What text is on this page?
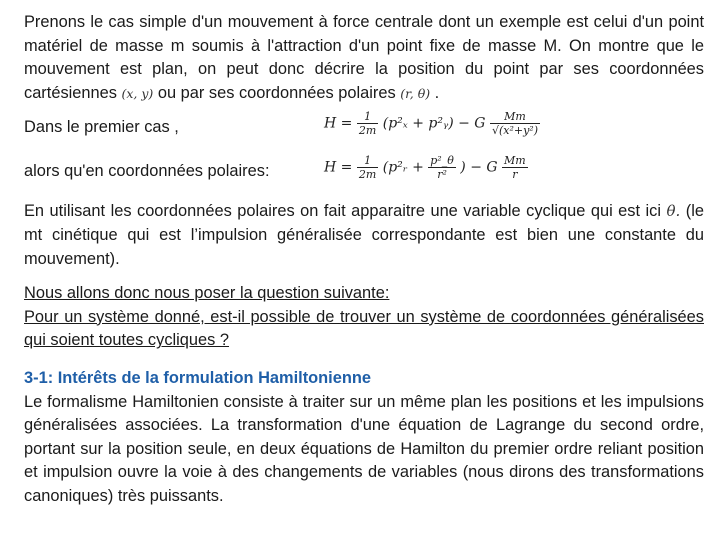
Prenons le cas simple d'un mouvement à force centrale dont un exemple est celui d'un point matériel de masse m soumis à l'attraction d'un point fixe de masse M. On montre que le mouvement est plan, on peut donc décrire la position du point par ses coordonnées cartésiennes (x, y) ou par ses coordonnées polaires (r, θ) .

Dans le premier cas ,	$H = \frac{1}{2m} (p^2_x$ + p²ᵧ) − G $\frac{Mm}{\text{√(x²+y²)}}$
alors qu'en coordonnées polaires:	$H = \frac{1}{2m}$ (p²ᵣ + $\frac{\text{p²\_θ}}{\text{r²}}$ ) − G $\frac{Mm}{r}$

En utilisant les coordonnées polaires on fait apparaitre une variable cyclique qui est ici θ. (le mt cinétique qui est l’impulsion généralisée correspondante est bien une constante du mouvement).

Nous allons donc nous poser la question suivante:
Pour un système donné, est-il possible de trouver un système de coordonnées généralisées qui soient toutes cycliques ?

3-1: Intérêts de la formulation Hamiltonienne

Le formalisme Hamiltonien consiste à traiter sur un même plan les positions et les impulsions généralisées associées. La transformation d'une équation de Lagrange du second ordre, portant sur la position seule, en deux équations de Hamilton du premier ordre reliant position et impulsion ouvre la voie à des changements de variables (nous dirons des transformations canoniques) très puissants.
